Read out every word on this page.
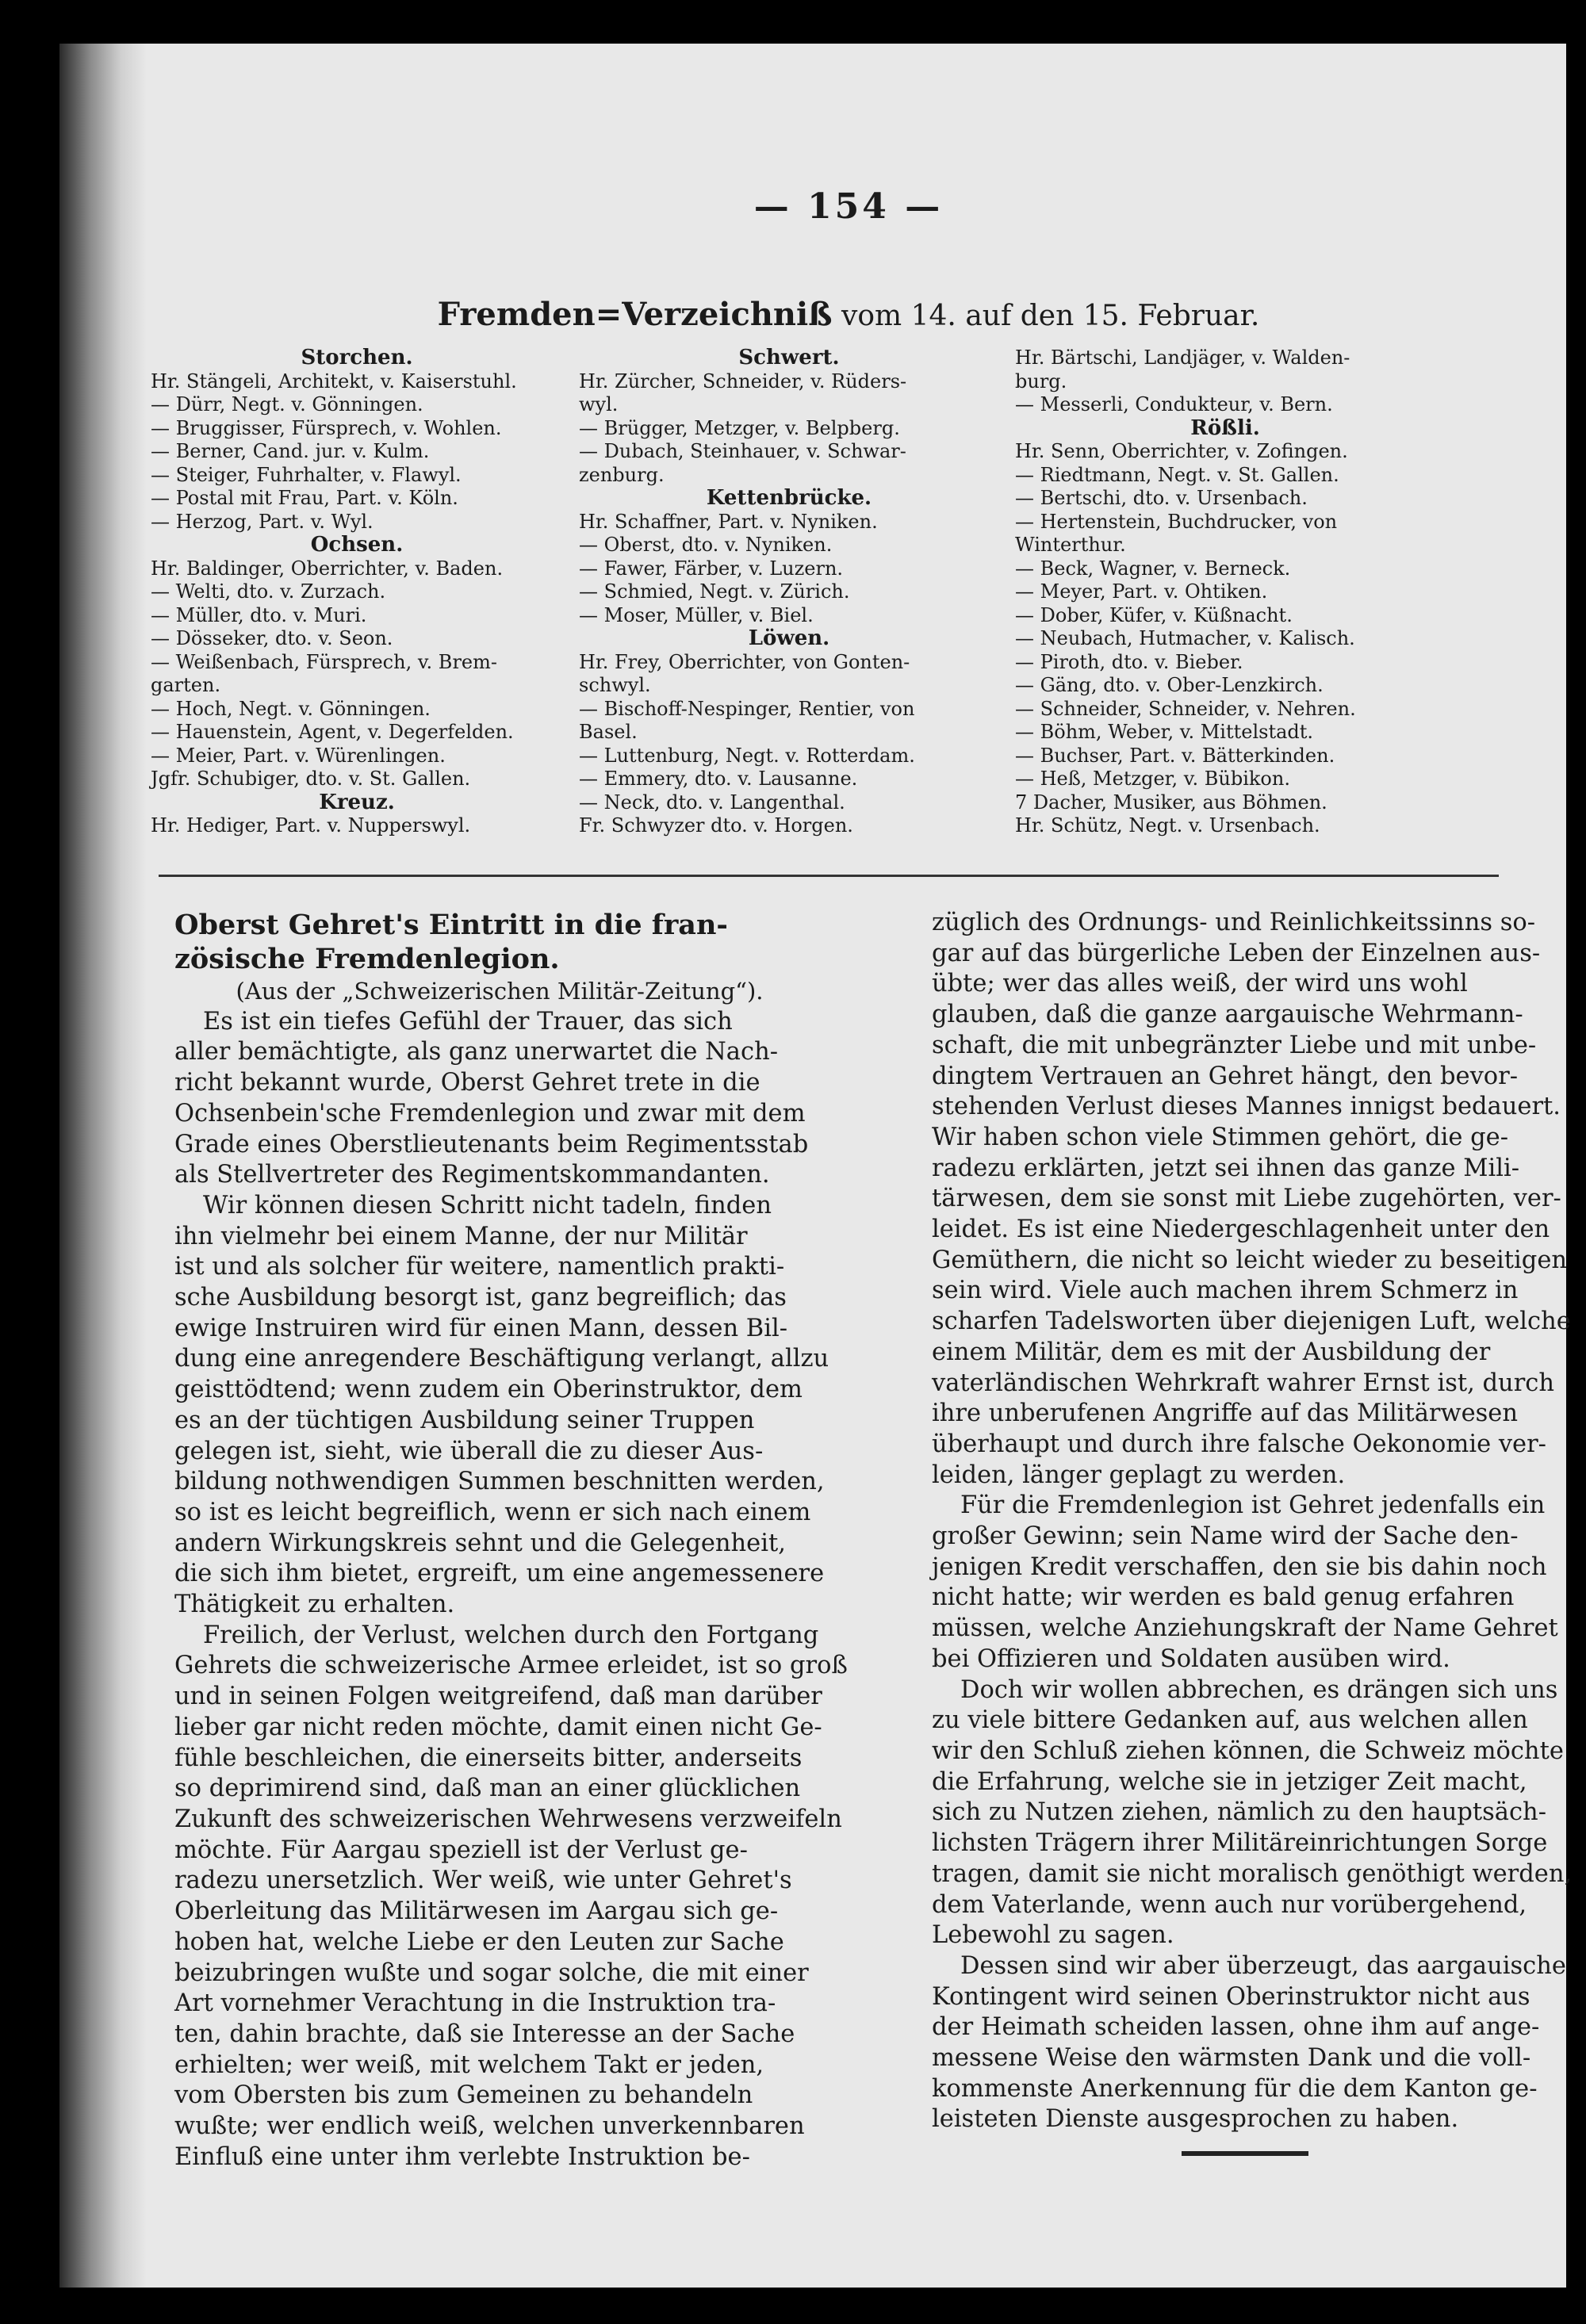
— 154 —
Fremden=Verzeichniß vom 14. auf den 15. Februar.
Storchen.
Hr. Stängeli, Architekt, v. Kaiserstuhl.
— Dürr, Negt. v. Gönningen.
— Bruggisser, Fürsprech, v. Wohlen.
— Berner, Cand. jur. v. Kulm.
— Steiger, Fuhrhalter, v. Flawyl.
— Postal mit Frau, Part. v. Köln.
— Herzog, Part. v. Wyl.
Ochsen.
Hr. Baldinger, Oberrichter, v. Baden.
— Welti, dto. v. Zurzach.
— Müller, dto. v. Muri.
— Dösseker, dto. v. Seon.
— Weißenbach, Fürsprech, v. Brem-
garten.
— Hoch, Negt. v. Gönningen.
— Hauenstein, Agent, v. Degerfelden.
— Meier, Part. v. Würenlingen.
Jgfr. Schubiger, dto. v. St. Gallen.
Kreuz.
Hr. Hediger, Part. v. Nupperswyl.
Schwert.
Hr. Zürcher, Schneider, v. Rüders-
wyl.
— Brügger, Metzger, v. Belpberg.
— Dubach, Steinhauer, v. Schwar-
zenburg.
Kettenbrücke.
Hr. Schaffner, Part. v. Nyniken.
— Oberst, dto. v. Nyniken.
— Fawer, Färber, v. Luzern.
— Schmied, Negt. v. Zürich.
— Moser, Müller, v. Biel.
Löwen.
Hr. Frey, Oberrichter, von Gonten-
schwyl.
— Bischoff-Nespinger, Rentier, von
Basel.
— Luttenburg, Negt. v. Rotterdam.
— Emmery, dto. v. Lausanne.
— Neck, dto. v. Langenthal.
Fr. Schwyzer dto. v. Horgen.
Hr. Bärtschi, Landjäger, v. Walden-
burg.
— Messerli, Condukteur, v. Bern.
Rößli.
Hr. Senn, Oberrichter, v. Zofingen.
— Riedtmann, Negt. v. St. Gallen.
— Bertschi, dto. v. Ursenbach.
— Hertenstein, Buchdrucker, von
Winterthur.
— Beck, Wagner, v. Berneck.
— Meyer, Part. v. Ohtiken.
— Dober, Küfer, v. Küßnacht.
— Neubach, Hutmacher, v. Kalisch.
— Piroth, dto. v. Bieber.
— Gäng, dto. v. Ober-Lenzkirch.
— Schneider, Schneider, v. Nehren.
— Böhm, Weber, v. Mittelstadt.
— Buchser, Part. v. Bätterkinden.
— Heß, Metzger, v. Bübikon.
7 Dacher, Musiker, aus Böhmen.
Hr. Schütz, Negt. v. Ursenbach.
Oberst Gehret's Eintritt in die fran-
zösische Fremdenlegion.
(Aus der „Schweizerischen Militär-Zeitung“).
Es ist ein tiefes Gefühl der Trauer, das sich
aller bemächtigte, als ganz unerwartet die Nach-
richt bekannt wurde, Oberst Gehret trete in die
Ochsenbein'sche Fremdenlegion und zwar mit dem
Grade eines Oberstlieutenants beim Regimentsstab
als Stellvertreter des Regimentskommandanten.
Wir können diesen Schritt nicht tadeln, finden
ihn vielmehr bei einem Manne, der nur Militär
ist und als solcher für weitere, namentlich prakti-
sche Ausbildung besorgt ist, ganz begreiflich; das
ewige Instruiren wird für einen Mann, dessen Bil-
dung eine anregendere Beschäftigung verlangt, allzu
geisttödtend; wenn zudem ein Oberinstruktor, dem
es an der tüchtigen Ausbildung seiner Truppen
gelegen ist, sieht, wie überall die zu dieser Aus-
bildung nothwendigen Summen beschnitten werden,
so ist es leicht begreiflich, wenn er sich nach einem
andern Wirkungskreis sehnt und die Gelegenheit,
die sich ihm bietet, ergreift, um eine angemessenere
Thätigkeit zu erhalten.
Freilich, der Verlust, welchen durch den Fortgang
Gehrets die schweizerische Armee erleidet, ist so groß
und in seinen Folgen weitgreifend, daß man darüber
lieber gar nicht reden möchte, damit einen nicht Ge-
fühle beschleichen, die einerseits bitter, anderseits
so deprimirend sind, daß man an einer glücklichen
Zukunft des schweizerischen Wehrwesens verzweifeln
möchte. Für Aargau speziell ist der Verlust ge-
radezu unersetzlich. Wer weiß, wie unter Gehret's
Oberleitung das Militärwesen im Aargau sich ge-
hoben hat, welche Liebe er den Leuten zur Sache
beizubringen wußte und sogar solche, die mit einer
Art vornehmer Verachtung in die Instruktion tra-
ten, dahin brachte, daß sie Interesse an der Sache
erhielten; wer weiß, mit welchem Takt er jeden,
vom Obersten bis zum Gemeinen zu behandeln
wußte; wer endlich weiß, welchen unverkennbaren
Einfluß eine unter ihm verlebte Instruktion be-
züglich des Ordnungs- und Reinlichkeitssinns so-
gar auf das bürgerliche Leben der Einzelnen aus-
übte; wer das alles weiß, der wird uns wohl
glauben, daß die ganze aargauische Wehrmann-
schaft, die mit unbegränzter Liebe und mit unbe-
dingtem Vertrauen an Gehret hängt, den bevor-
stehenden Verlust dieses Mannes innigst bedauert.
Wir haben schon viele Stimmen gehört, die ge-
radezu erklärten, jetzt sei ihnen das ganze Mili-
tärwesen, dem sie sonst mit Liebe zugehörten, ver-
leidet. Es ist eine Niedergeschlagenheit unter den
Gemüthern, die nicht so leicht wieder zu beseitigen
sein wird. Viele auch machen ihrem Schmerz in
scharfen Tadelsworten über diejenigen Luft, welche
einem Militär, dem es mit der Ausbildung der
vaterländischen Wehrkraft wahrer Ernst ist, durch
ihre unberufenen Angriffe auf das Militärwesen
überhaupt und durch ihre falsche Oekonomie ver-
leiden, länger geplagt zu werden.
Für die Fremdenlegion ist Gehret jedenfalls ein
großer Gewinn; sein Name wird der Sache den-
jenigen Kredit verschaffen, den sie bis dahin noch
nicht hatte; wir werden es bald genug erfahren
müssen, welche Anziehungskraft der Name Gehret
bei Offizieren und Soldaten ausüben wird.
Doch wir wollen abbrechen, es drängen sich uns
zu viele bittere Gedanken auf, aus welchen allen
wir den Schluß ziehen können, die Schweiz möchte
die Erfahrung, welche sie in jetziger Zeit macht,
sich zu Nutzen ziehen, nämlich zu den hauptsäch-
lichsten Trägern ihrer Militäreinrichtungen Sorge
tragen, damit sie nicht moralisch genöthigt werden,
dem Vaterlande, wenn auch nur vorübergehend,
Lebewohl zu sagen.
Dessen sind wir aber überzeugt, das aargauische
Kontingent wird seinen Oberinstruktor nicht aus
der Heimath scheiden lassen, ohne ihm auf ange-
messene Weise den wärmsten Dank und die voll-
kommenste Anerkennung für die dem Kanton ge-
leisteten Dienste ausgesprochen zu haben.
